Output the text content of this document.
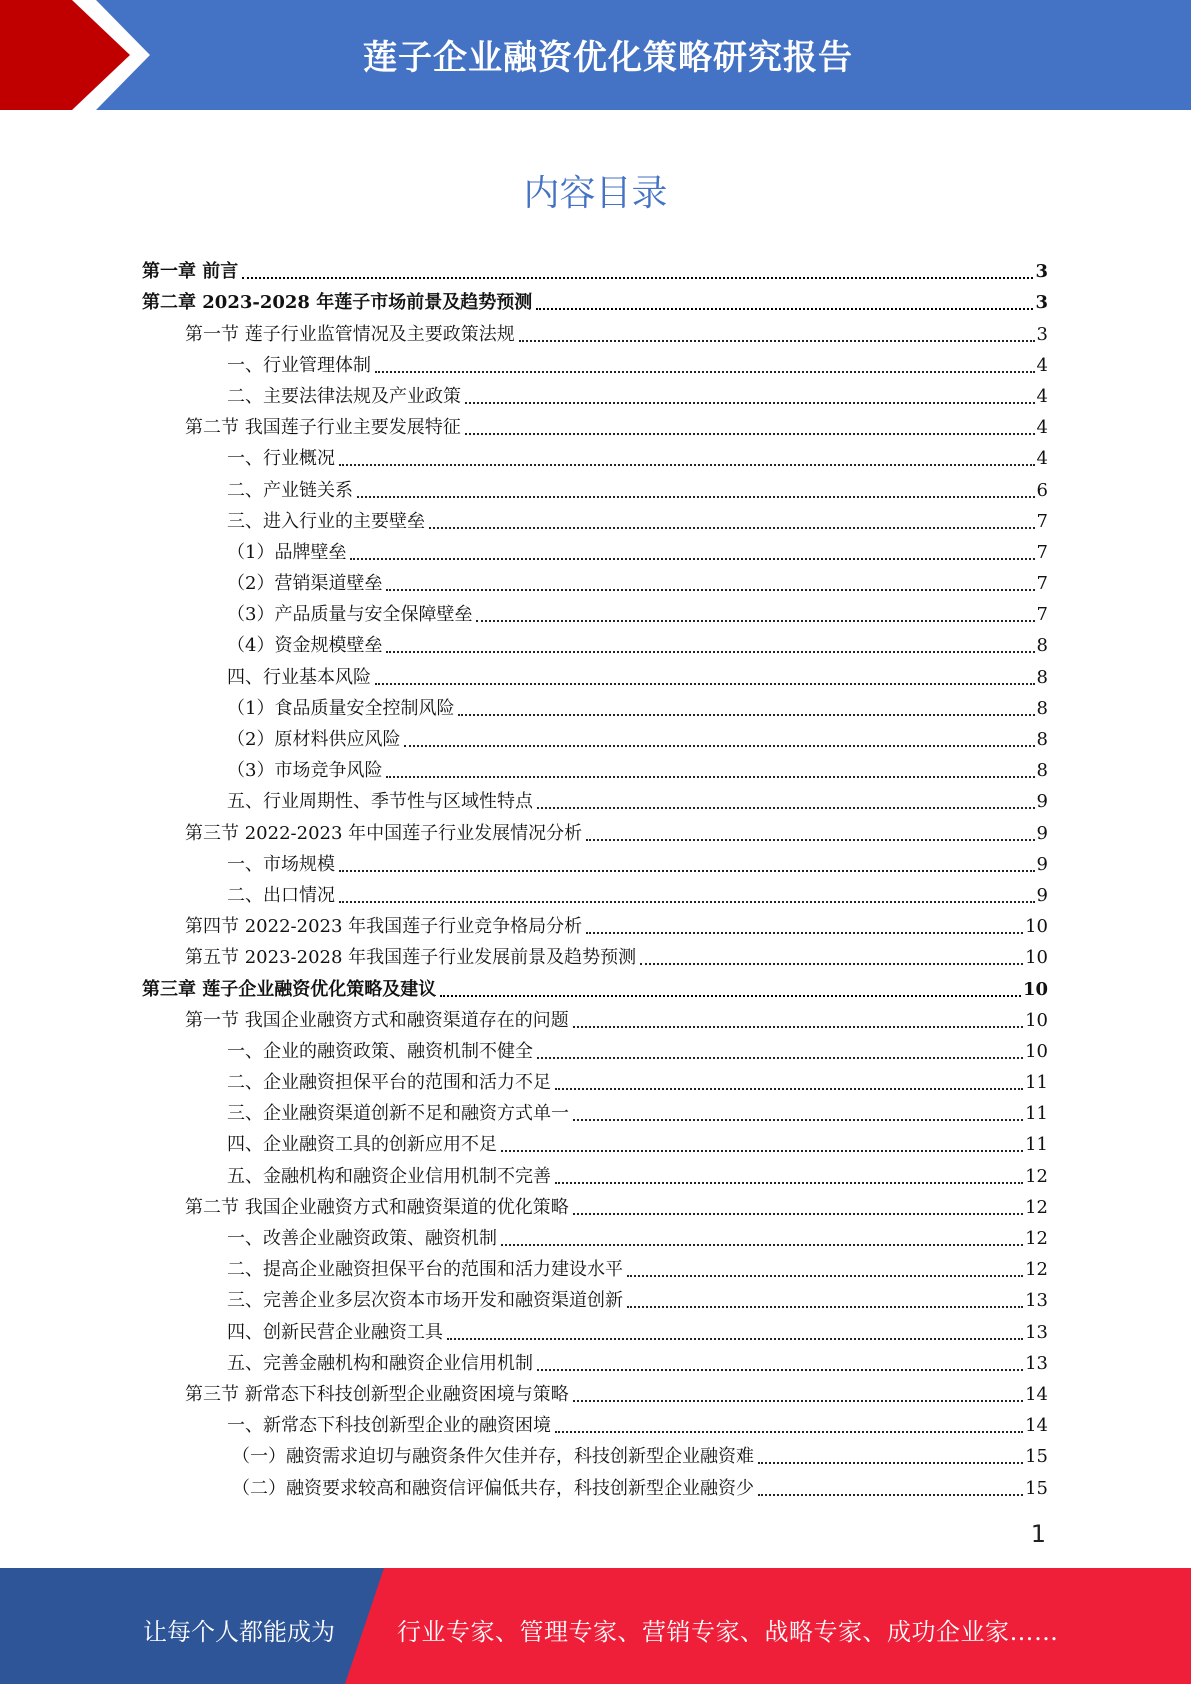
莲子企业融资优化策略研究报告
内容目录
第一章 前言	3
第二章 2023-2028 年莲子市场前景及趋势预测	3
第一节 莲子行业监管情况及主要政策法规	3
一、行业管理体制	4
二、主要法律法规及产业政策	4
第二节 我国莲子行业主要发展特征	4
一、行业概况	4
二、产业链关系	6
三、进入行业的主要壁垒	7
（1）品牌壁垒	7
（2）营销渠道壁垒	7
（3）产品质量与安全保障壁垒	7
（4）资金规模壁垒	8
四、行业基本风险	8
（1）食品质量安全控制风险	8
（2）原材料供应风险	8
（3）市场竞争风险	8
五、行业周期性、季节性与区域性特点	9
第三节 2022-2023 年中国莲子行业发展情况分析	9
一、市场规模	9
二、出口情况	9
第四节 2022-2023 年我国莲子行业竞争格局分析	10
第五节 2023-2028 年我国莲子行业发展前景及趋势预测	10
第三章 莲子企业融资优化策略及建议	10
第一节 我国企业融资方式和融资渠道存在的问题	10
一、企业的融资政策、融资机制不健全	10
二、企业融资担保平台的范围和活力不足	11
三、企业融资渠道创新不足和融资方式单一	11
四、企业融资工具的创新应用不足	11
五、金融机构和融资企业信用机制不完善	12
第二节 我国企业融资方式和融资渠道的优化策略	12
一、改善企业融资政策、融资机制	12
二、提高企业融资担保平台的范围和活力建设水平	12
三、完善企业多层次资本市场开发和融资渠道创新	13
四、创新民营企业融资工具	13
五、完善金融机构和融资企业信用机制	13
第三节 新常态下科技创新型企业融资困境与策略	14
一、新常态下科技创新型企业的融资困境	14
（一）融资需求迫切与融资条件欠佳并存，科技创新型企业融资难	15
（二）融资要求较高和融资信评偏低共存，科技创新型企业融资少	15
1
让每个人都能成为	行业专家、管理专家、营销专家、战略专家、成功企业家……
